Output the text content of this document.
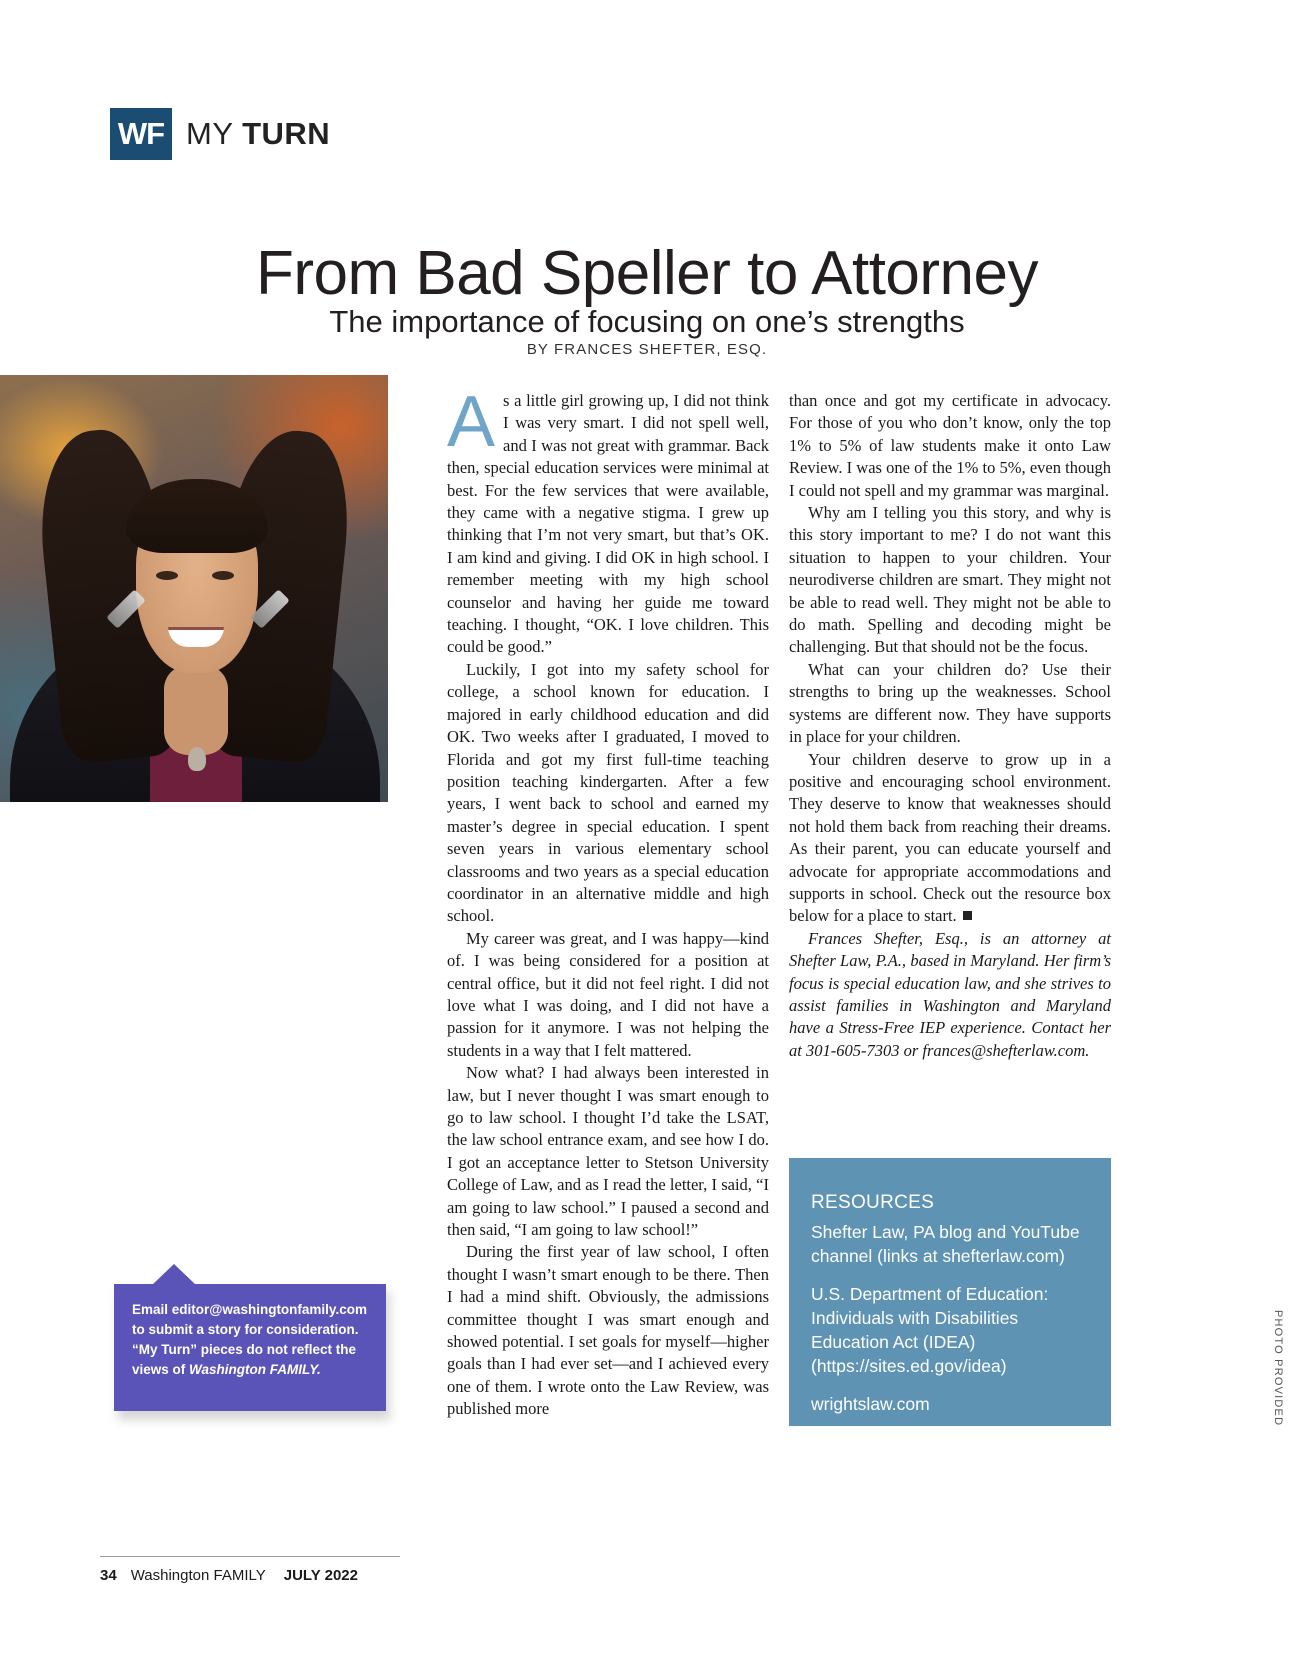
WF MY TURN
From Bad Speller to Attorney
The importance of focusing on one’s strengths
BY FRANCES SHEFTER, ESQ.
PHOTO PROVIDED

As a little girl growing up, I did not think I was very smart. I did not spell well, and I was not great with grammar. Back then, special education services were minimal at best. For the few services that were available, they came with a negative stigma. I grew up thinking that I’m not very smart, but that’s OK. I am kind and giving. I did OK in high school. I remember meeting with my high school counselor and having her guide me toward teaching. I thought, “OK. I love children. This could be good.”

Luckily, I got into my safety school for college, a school known for education. I majored in early childhood education and did OK. Two weeks after I graduated, I moved to Florida and got my first full-time teaching position teaching kindergarten. After a few years, I went back to school and earned my master’s degree in special education. I spent seven years in various elementary school classrooms and two years as a special education coordinator in an alternative middle and high school.

My career was great, and I was happy—kind of. I was being considered for a position at central office, but it did not feel right. I did not love what I was doing, and I did not have a passion for it anymore. I was not helping the students in a way that I felt mattered.

Now what? I had always been interested in law, but I never thought I was smart enough to go to law school. I thought I’d take the LSAT, the law school entrance exam, and see how I do. I got an acceptance letter to Stetson University College of Law, and as I read the letter, I said, “I am going to law school.” I paused a second and then said, “I am going to law school!”

During the first year of law school, I often thought I wasn’t smart enough to be there. Then I had a mind shift. Obviously, the admissions committee thought I was smart enough and showed potential. I set goals for myself—higher goals than I had ever set—and I achieved every one of them. I wrote onto the Law Review, was published more

than once and got my certificate in advocacy. For those of you who don’t know, only the top 1% to 5% of law students make it onto Law Review. I was one of the 1% to 5%, even though I could not spell and my grammar was marginal.

Why am I telling you this story, and why is this story important to me? I do not want this situation to happen to your children. Your neurodiverse children are smart. They might not be able to read well. They might not be able to do math. Spelling and decoding might be challenging. But that should not be the focus.

What can your children do? Use their strengths to bring up the weaknesses. School systems are different now. They have supports in place for your children.

Your children deserve to grow up in a positive and encouraging school environment. They deserve to know that weaknesses should not hold them back from reaching their dreams. As their parent, you can educate yourself and advocate for appropriate accommodations and supports in school. Check out the resource box below for a place to start.

Frances Shefter, Esq., is an attorney at Shefter Law, P.A., based in Maryland. Her firm’s focus is special education law, and she strives to assist families in Washington and Maryland have a Stress-Free IEP experience. Contact her at 301-605-7303 or frances@shefterlaw.com.

RESOURCES

Shefter Law, PA blog and YouTube channel (links at shefterlaw.com)

U.S. Department of Education: Individuals with Disabilities Education Act (IDEA) (https://sites.ed.gov/idea)

wrightslaw.com

Email editor@washingtonfamily.com to submit a story for consideration. “My Turn” pieces do not reflect the views of Washington FAMILY.
34 Washington FAMILY JULY 2022
